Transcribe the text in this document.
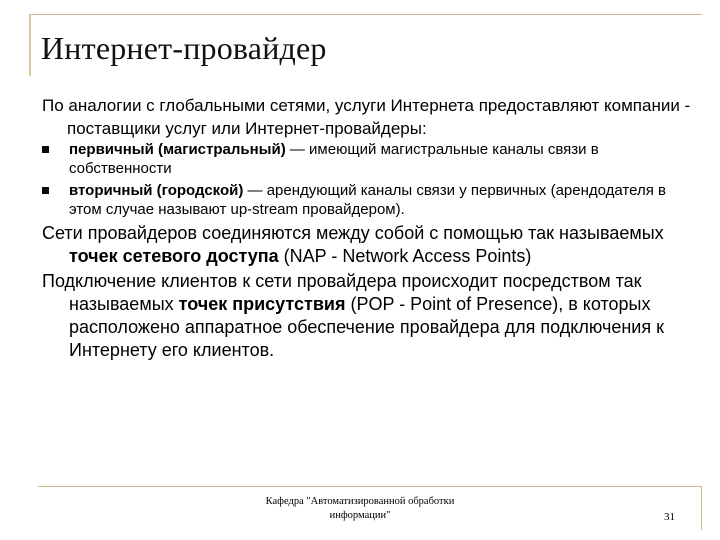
Интернет-провайдер

По аналогии с глобальными сетями, услуги Интернета предоставляют компании - поставщики услуг или Интернет-провайдеры:

первичный (магистральный) — имеющий магистральные каналы связи в собственности
вторичный (городской) — арендующий каналы связи у первичных (арендодателя в этом случае называют up-stream провайдером).

Сети провайдеров соединяются между собой с помощью так называемых точек сетевого доступа (NAP - Network Access Points)

Подключение клиентов к сети провайдера происходит посредством так называемых точек присутствия (POP - Point of Presence), в которых расположено аппаратное обеспечение провайдера для подключения к Интернету его клиентов.

Кафедра "Автоматизированной обработки
информации"	31
